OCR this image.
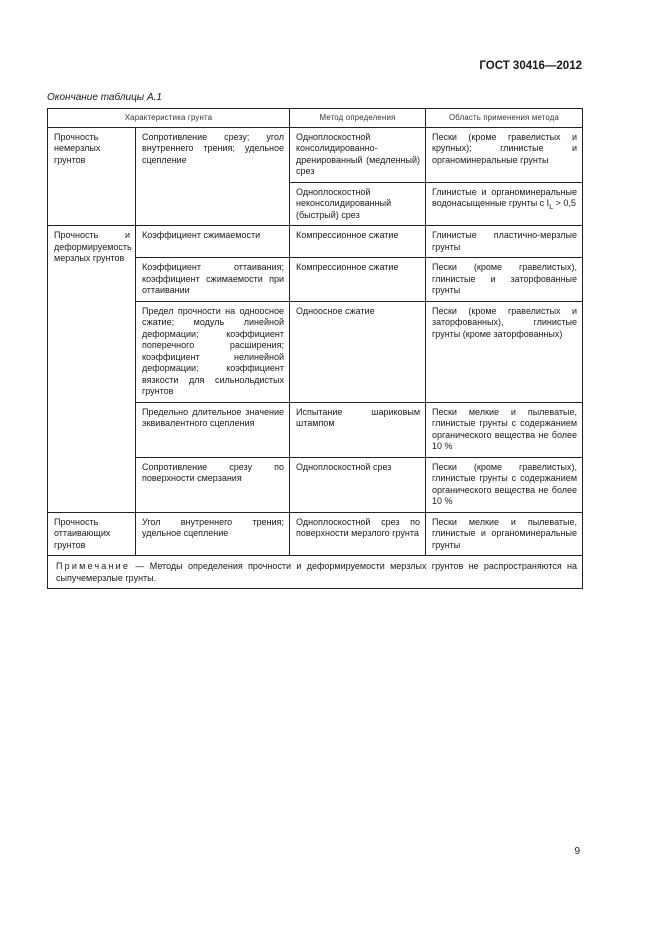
ГОСТ 30416—2012
Окончание таблицы А.1
Характеристика грунта		Метод определения	Область применения метода
Прочность немерзлых грунтов	Сопротивление срезу; угол внутреннего трения; удельное сцепление	Одноплоскостной консолидированно-дренированный (медленный) срез	Пески (кроме гравелистых и крупных); глинистые и органоминеральные грунты
		Одноплоскостной неконсолидированный (быстрый) срез	Глинистые и органоминеральные водонасыщенные грунты с $I_L > 0,5$
Прочность и деформируемость мерзлых грунтов	Коэффициент сжимаемости	Компрессионное сжатие	Глинистые пластично-мерзлые грунты
	Коэффициент оттаивания; коэффициент сжимаемости при оттаивании	Компрессионное сжатие	Пески (кроме гравелистых), глинистые и заторфованные грунты
	Предел прочности на одноосное сжатие; модуль линейной деформации; коэффициент поперечного расширения; коэффициент нелинейной деформации; коэффициент вязкости для сильнольдистых грунтов	Одноосное сжатие	Пески (кроме гравелистых и заторфованных), глинистые грунты (кроме заторфованных)
	Предельно длительное значение эквивалентного сцепления	Испытание шариковым штампом	Пески мелкие и пылеватые, глинистые грунты с содержанием органического вещества не более 10 %
	Сопротивление срезу по поверхности смерзания	Одноплоскостной срез	Пески (кроме гравелистых), глинистые грунты с содержанием органического вещества не более 10 %
Прочность оттаивающих грунтов	Угол внутреннего трения; удельное сцепление	Одноплоскостной срез по поверхности мерзлого грунта	Пески мелкие и пылеватые, глинистые и органоминеральные грунты
Примечание — Методы определения прочности и деформируемости мерзлых грунтов не распространяются на сыпучемерзлые грунты.			
9
